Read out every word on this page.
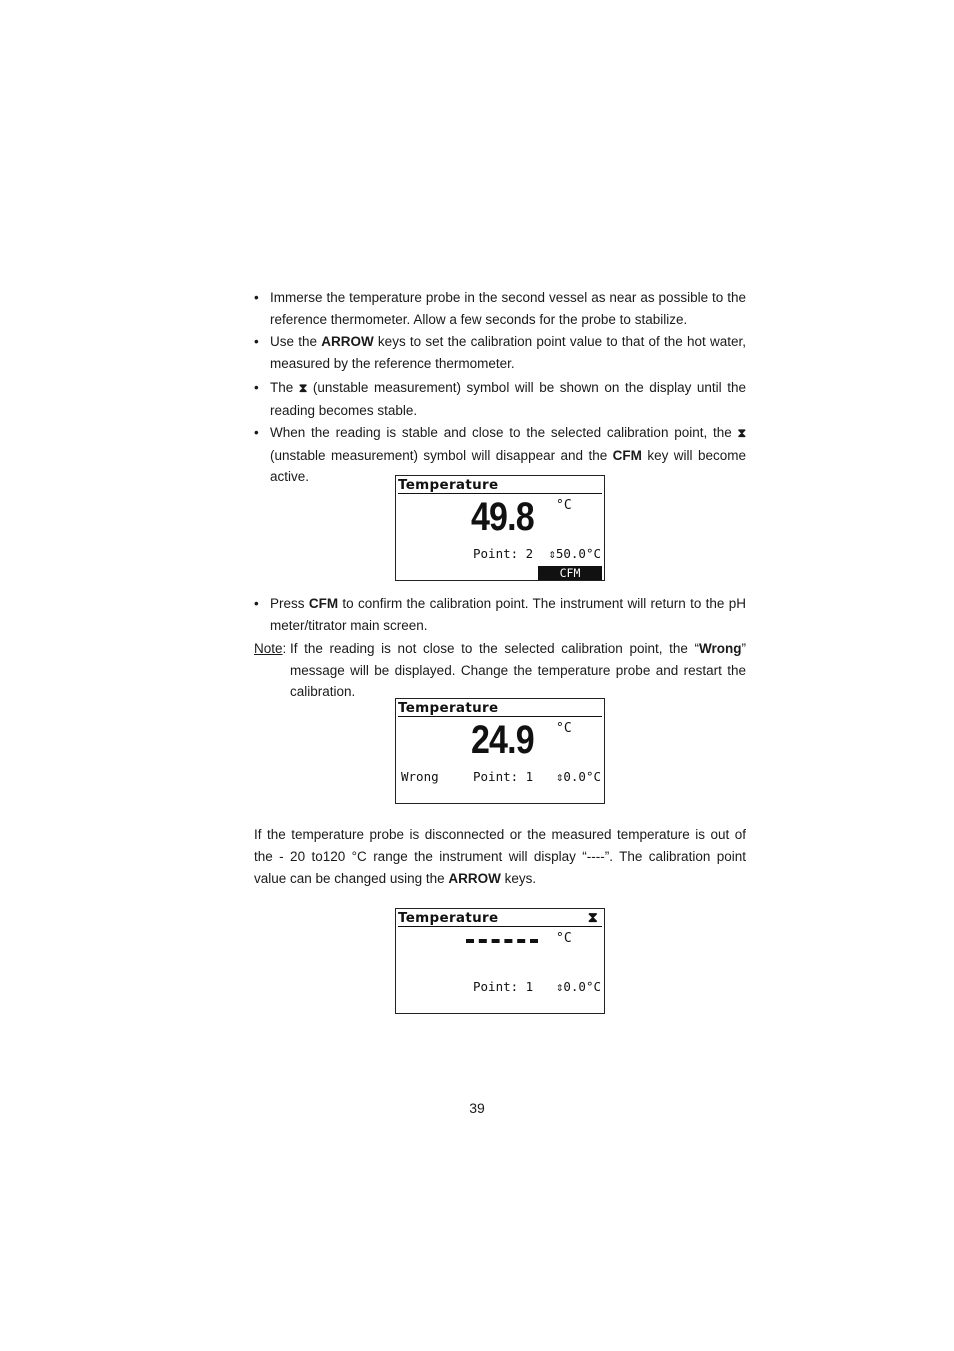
• Immerse the temperature probe in the second vessel as near as possible to the reference thermometer. Allow a few seconds for the probe to stabilize.
• Use the ARROW keys to set the calibration point value to that of the hot water, measured by the reference thermometer.
• The ⧗ (unstable measurement) symbol will be shown on the display until the reading becomes stable.
• When the reading is stable and close to the selected calibration point, the ⧗ (unstable measurement) symbol will disappear and the CFM key will become active.
Temperature
49.8 °C
Point: 2 ⇕50.0°C
CFM
• Press CFM to confirm the calibration point. The instrument will return to the pH meter/titrator main screen.
Note: If the reading is not close to the selected calibration point, the “Wrong” message will be displayed. Change the temperature probe and restart the calibration.
Temperature
24.9 °C
Wrong	Point: 1 ⇕0.0°C
If the temperature probe is disconnected or the measured temperature is out of the - 20 to120 °C range the instrument will display “----”. The calibration point value can be changed using the ARROW keys.
Temperature	⧗
°C
Point: 1 ⇕0.0°C
39
